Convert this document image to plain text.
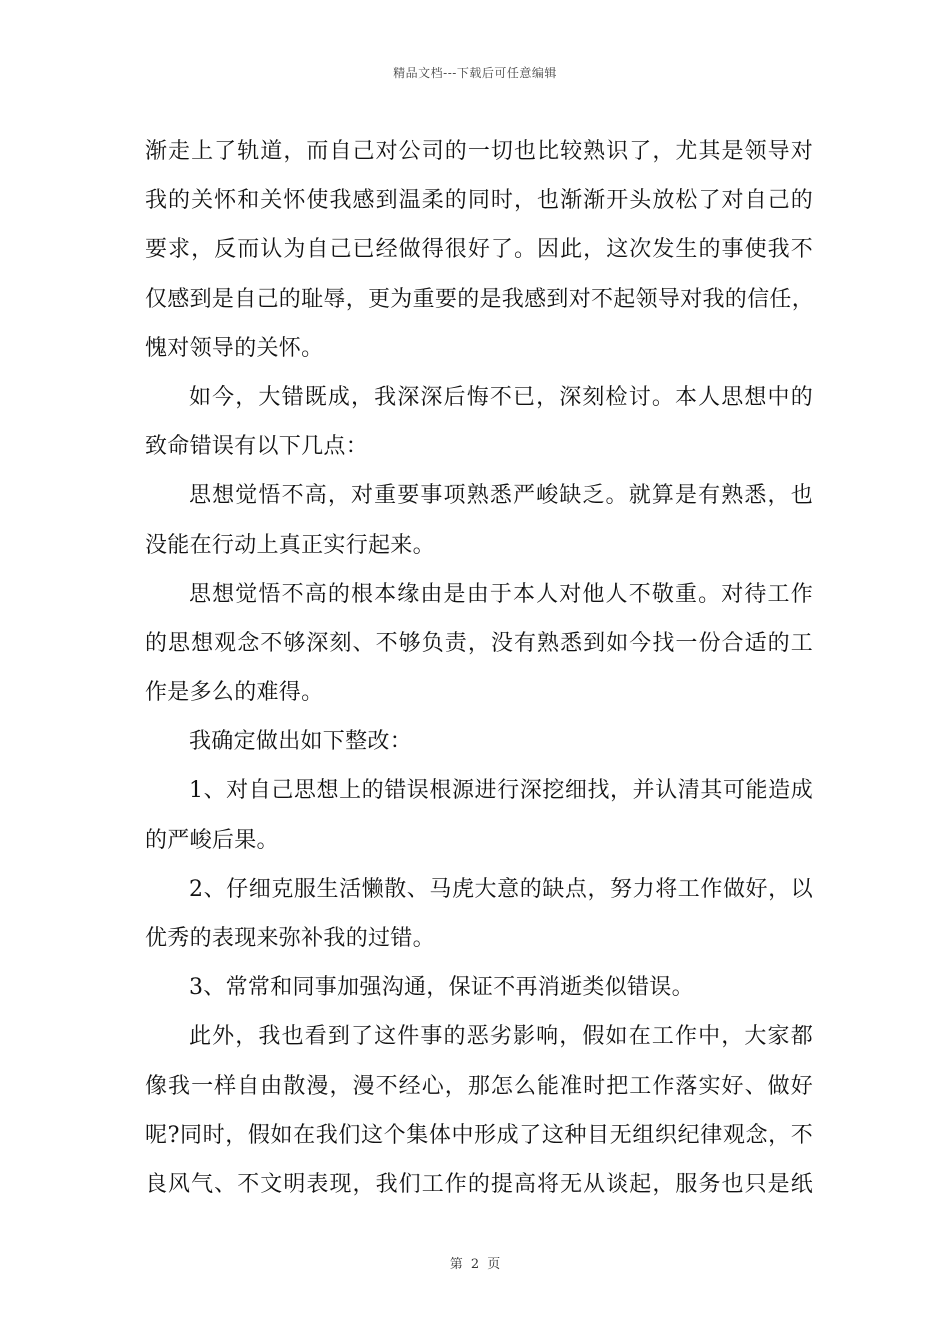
精品文档---下载后可任意编辑
渐走上了轨道，而自己对公司的一切也比较熟识了，尤其是领导对
我的关怀和关怀使我感到温柔的同时，也渐渐开头放松了对自己的
要求，反而认为自己已经做得很好了。因此，这次发生的事使我不
仅感到是自己的耻辱，更为重要的是我感到对不起领导对我的信任，
愧对领导的关怀。
如今，大错既成，我深深后悔不已，深刻检讨。本人思想中的
致命错误有以下几点：
思想觉悟不高，对重要事项熟悉严峻缺乏。就算是有熟悉，也
没能在行动上真正实行起来。
思想觉悟不高的根本缘由是由于本人对他人不敬重。对待工作
的思想观念不够深刻、不够负责，没有熟悉到如今找一份合适的工
作是多么的难得。
我确定做出如下整改：
1、对自己思想上的错误根源进行深挖细找，并认清其可能造成
的严峻后果。
2、仔细克服生活懒散、马虎大意的缺点，努力将工作做好，以
优秀的表现来弥补我的过错。
3、常常和同事加强沟通，保证不再消逝类似错误。
此外，我也看到了这件事的恶劣影响，假如在工作中，大家都
像我一样自由散漫，漫不经心，那怎么能准时把工作落实好、做好
呢?同时，假如在我们这个集体中形成了这种目无组织纪律观念，不
良风气、不文明表现，我们工作的提高将无从谈起，服务也只是纸
第 2 页
